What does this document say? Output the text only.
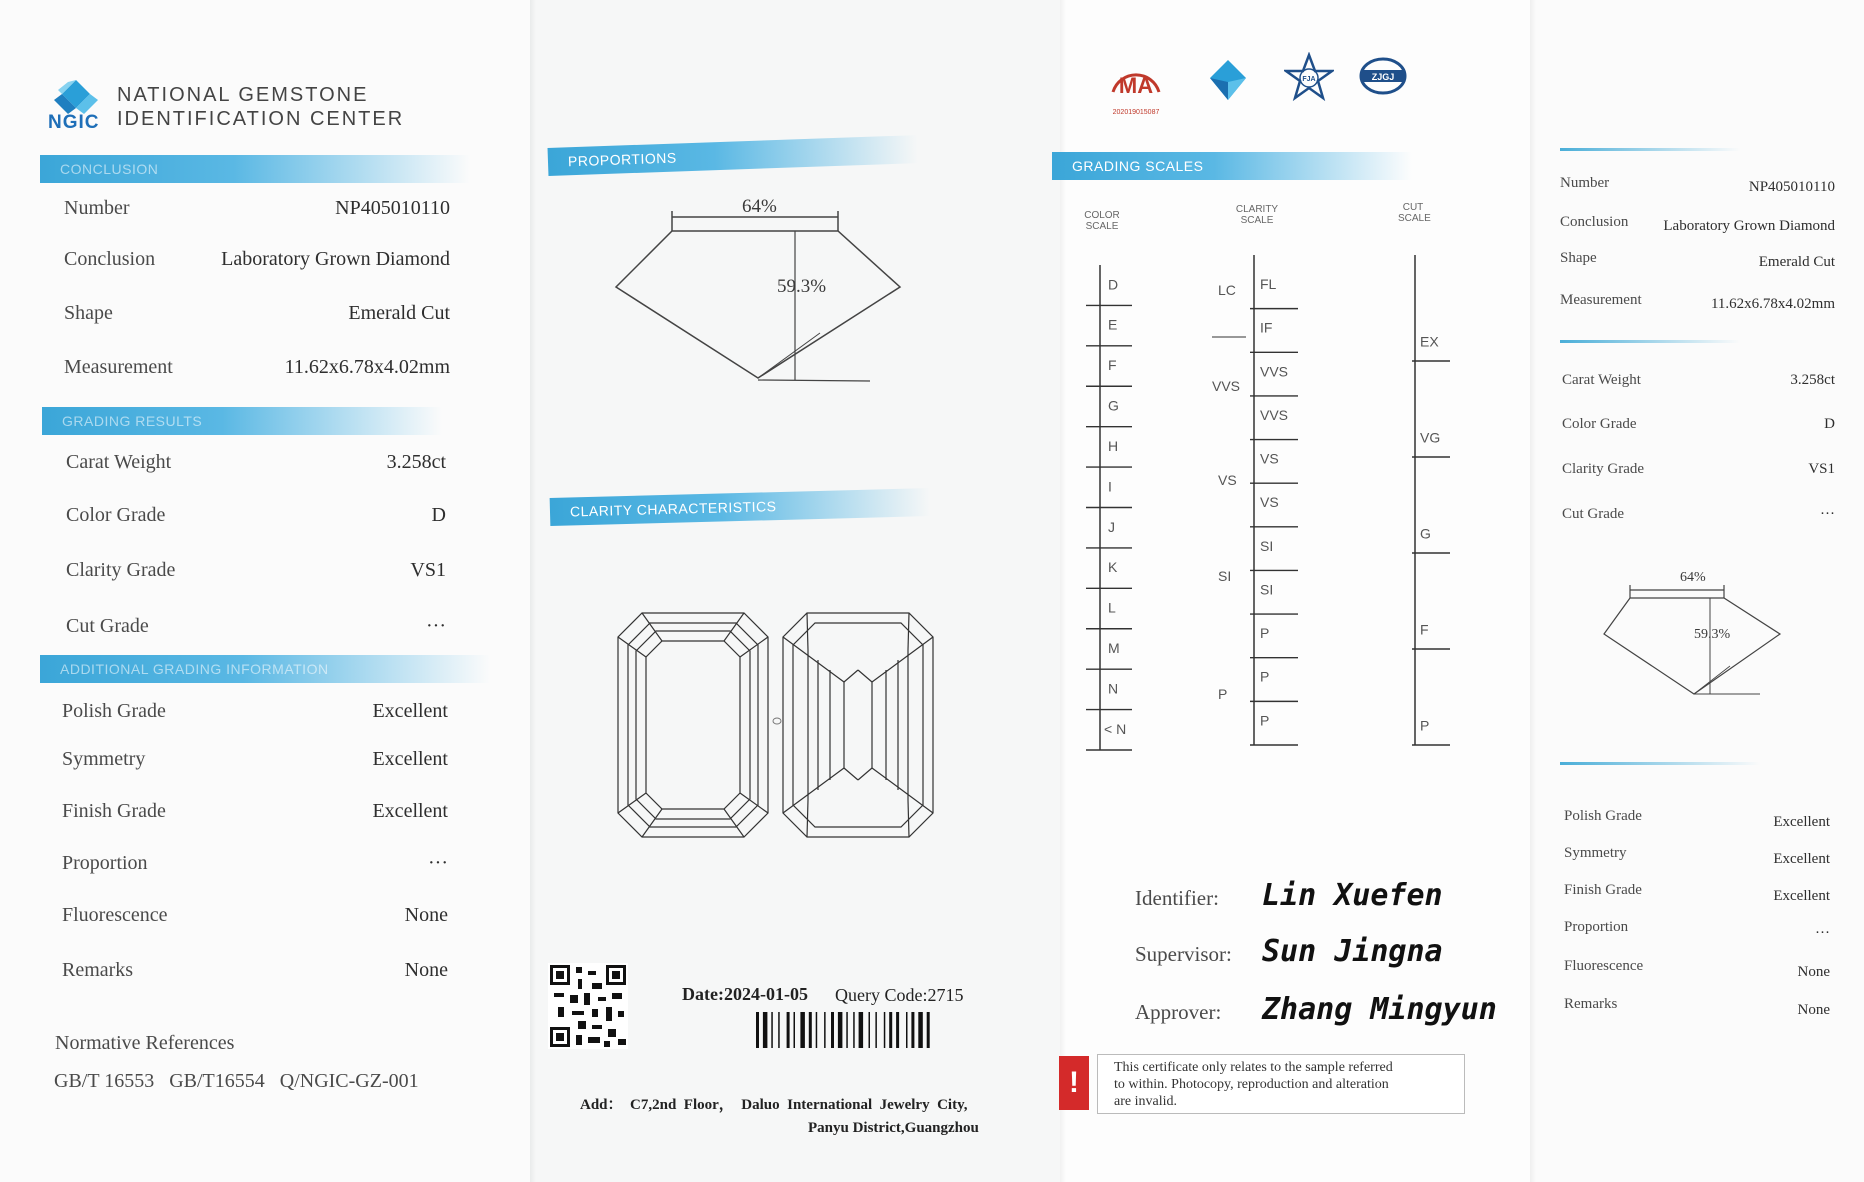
NGIC
NATIONAL GEMSTONE
IDENTIFICATION CENTER
CONCLUSION
Number	NP405010110
Conclusion	Laboratory Grown Diamond
Shape	Emerald Cut
Measurement	11.62x6.78x4.02mm
GRADING RESULTS
Carat Weight	3.258ct
Color Grade	D
Clarity Grade	VS1
Cut Grade	···
ADDITIONAL GRADING INFORMATION
Polish Grade	Excellent
Symmetry	Excellent
Finish Grade	Excellent
Proportion	···
Fluorescence	None
Remarks	None
Normative References
GB/T 16553   GB/T16554   Q/NGIC-GZ-001
PROPORTIONS
64%
59.3%
CLARITY CHARACTERISTICS
Date:2024-01-05 Query Code:2715
Add：  C7,2nd  Floor，  Daluo  International  Jewelry  City,
Panyu District,Guangzhou
MA
202019015087
FJA	ZJGJ
GRADING SCALES
COLOR
SCALE
CLARITY
SCALE
CUT
SCALE
D
E
F
G
H
I
J
K
L
M
N
< N
FL
IF
VVS
VVS
VS
VS
SI
SI
P
P
P
LC
VVS
VS
SI
P
EX
VG
G
F
P
Identifier: Lin Xuefen
Supervisor: Sun Jingna
Approver: Zhang Mingyun
!	This certificate only relates to the sample referred
to within. Photocopy, reproduction and alteration
are invalid.
Number	NP405010110
Conclusion	Laboratory Grown Diamond
Shape	Emerald Cut
Measurement	11.62x6.78x4.02mm
Carat Weight	3.258ct
Color Grade	D
Clarity Grade	VS1
Cut Grade	···
64%
59.3%
Polish Grade	Excellent
Symmetry	Excellent
Finish Grade	Excellent
Proportion	···
Fluorescence	None
Remarks	None
